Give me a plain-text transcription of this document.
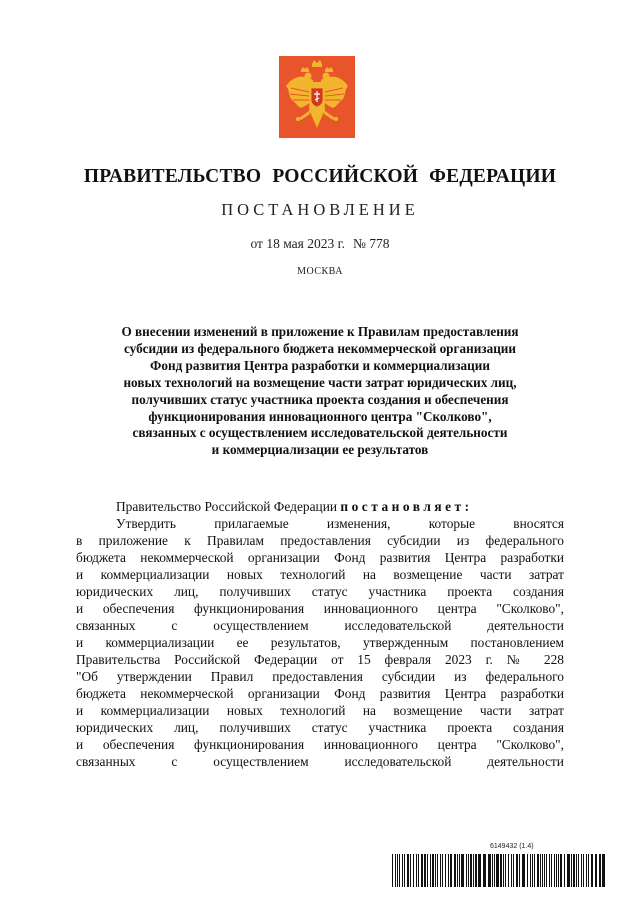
ПРАВИТЕЛЬСТВО РОССИЙСКОЙ ФЕДЕРАЦИИ
ПОСТАНОВЛЕНИЕ
от 18 мая 2023 г. № 778
МОСКВА
О внесении изменений в приложение к Правилам предоставления
субсидии из федерального бюджета некоммерческой организации
Фонд развития Центра разработки и коммерциализации
новых технологий на возмещение части затрат юридических лиц,
получивших статус участника проекта создания и обеспечения
функционирования инновационного центра "Сколково",
связанных с осуществлением исследовательской деятельности
и коммерциализации ее результатов
Правительство Российской Федерации постановляет:
Утвердить	прилагаемые	изменения,	которые	вносятся
в приложение к Правилам предоставления субсидии из федерального
бюджета некоммерческой организации Фонд развития Центра разработки
и коммерциализации новых технологий на возмещение части затрат
юридических лиц, получивших статус участника проекта создания
и обеспечения функционирования инновационного центра "Сколково",
связанных	с	осуществлением	исследовательской	деятельности
и коммерциализации ее результатов, утвержденным постановлением
Правительства Российской Федерации от 15 февраля 2023 г. № 228
"Об утверждении Правил предоставления субсидии из федерального
бюджета некоммерческой организации Фонд развития Центра разработки
и коммерциализации новых технологий на возмещение части затрат
юридических лиц, получивших статус участника проекта создания
и обеспечения функционирования инновационного центра "Сколково",
связанных	с	осуществлением	исследовательской	деятельности
6149432 (1.4)
